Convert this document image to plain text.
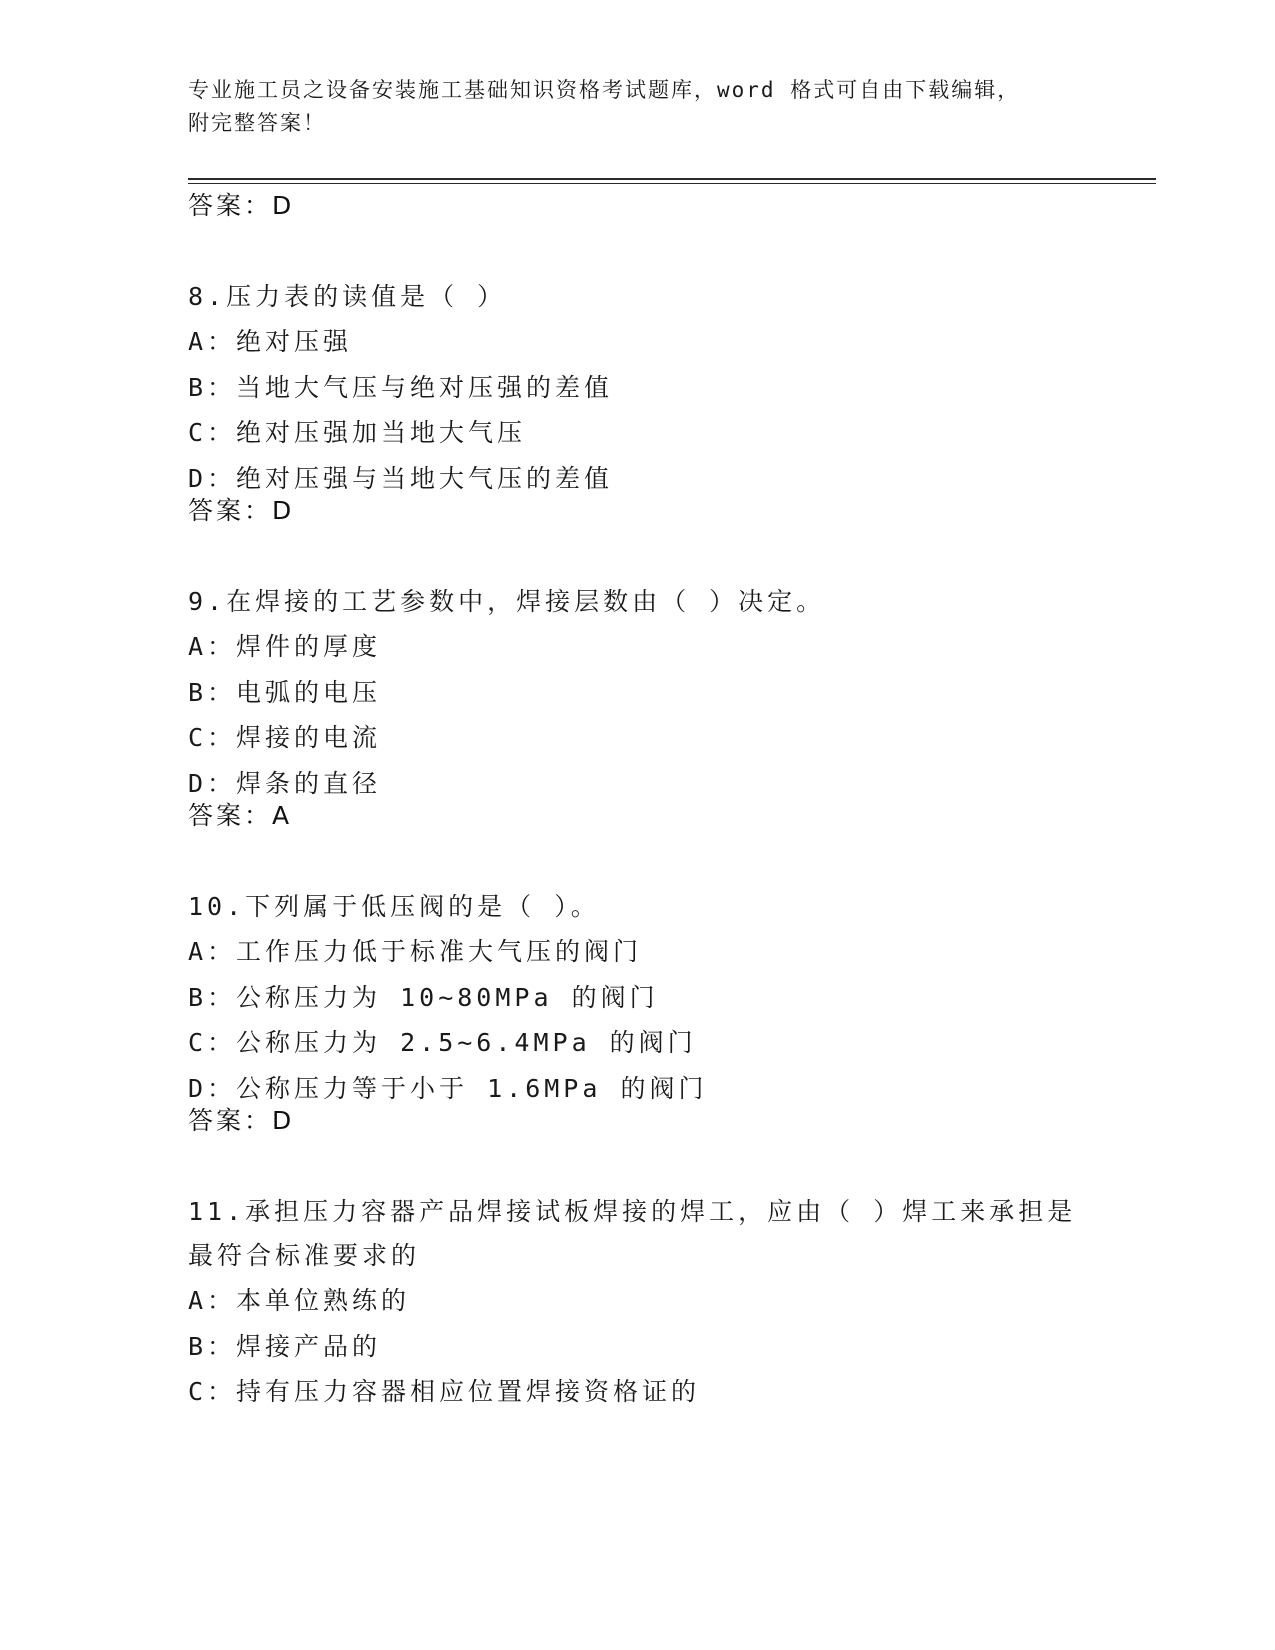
专业施工员之设备安装施工基础知识资格考试题库，word 格式可自由下载编辑，
附完整答案！
答案：D

8.压力表的读值是（ ）

A：绝对压强

B：当地大气压与绝对压强的差值

C：绝对压强加当地大气压

D：绝对压强与当地大气压的差值

答案：D

9.在焊接的工艺参数中，焊接层数由（ ）决定。

A：焊件的厚度

B：电弧的电压

C：焊接的电流

D：焊条的直径

答案：A

10.下列属于低压阀的是（ ）。

A：工作压力低于标准大气压的阀门

B：公称压力为 10~80MPa 的阀门

C：公称压力为 2.5~6.4MPa 的阀门

D：公称压力等于小于 1.6MPa 的阀门

答案：D

11.承担压力容器产品焊接试板焊接的焊工，应由（ ）焊工来承担是

最符合标准要求的

A：本单位熟练的

B：焊接产品的

C：持有压力容器相应位置焊接资格证的
